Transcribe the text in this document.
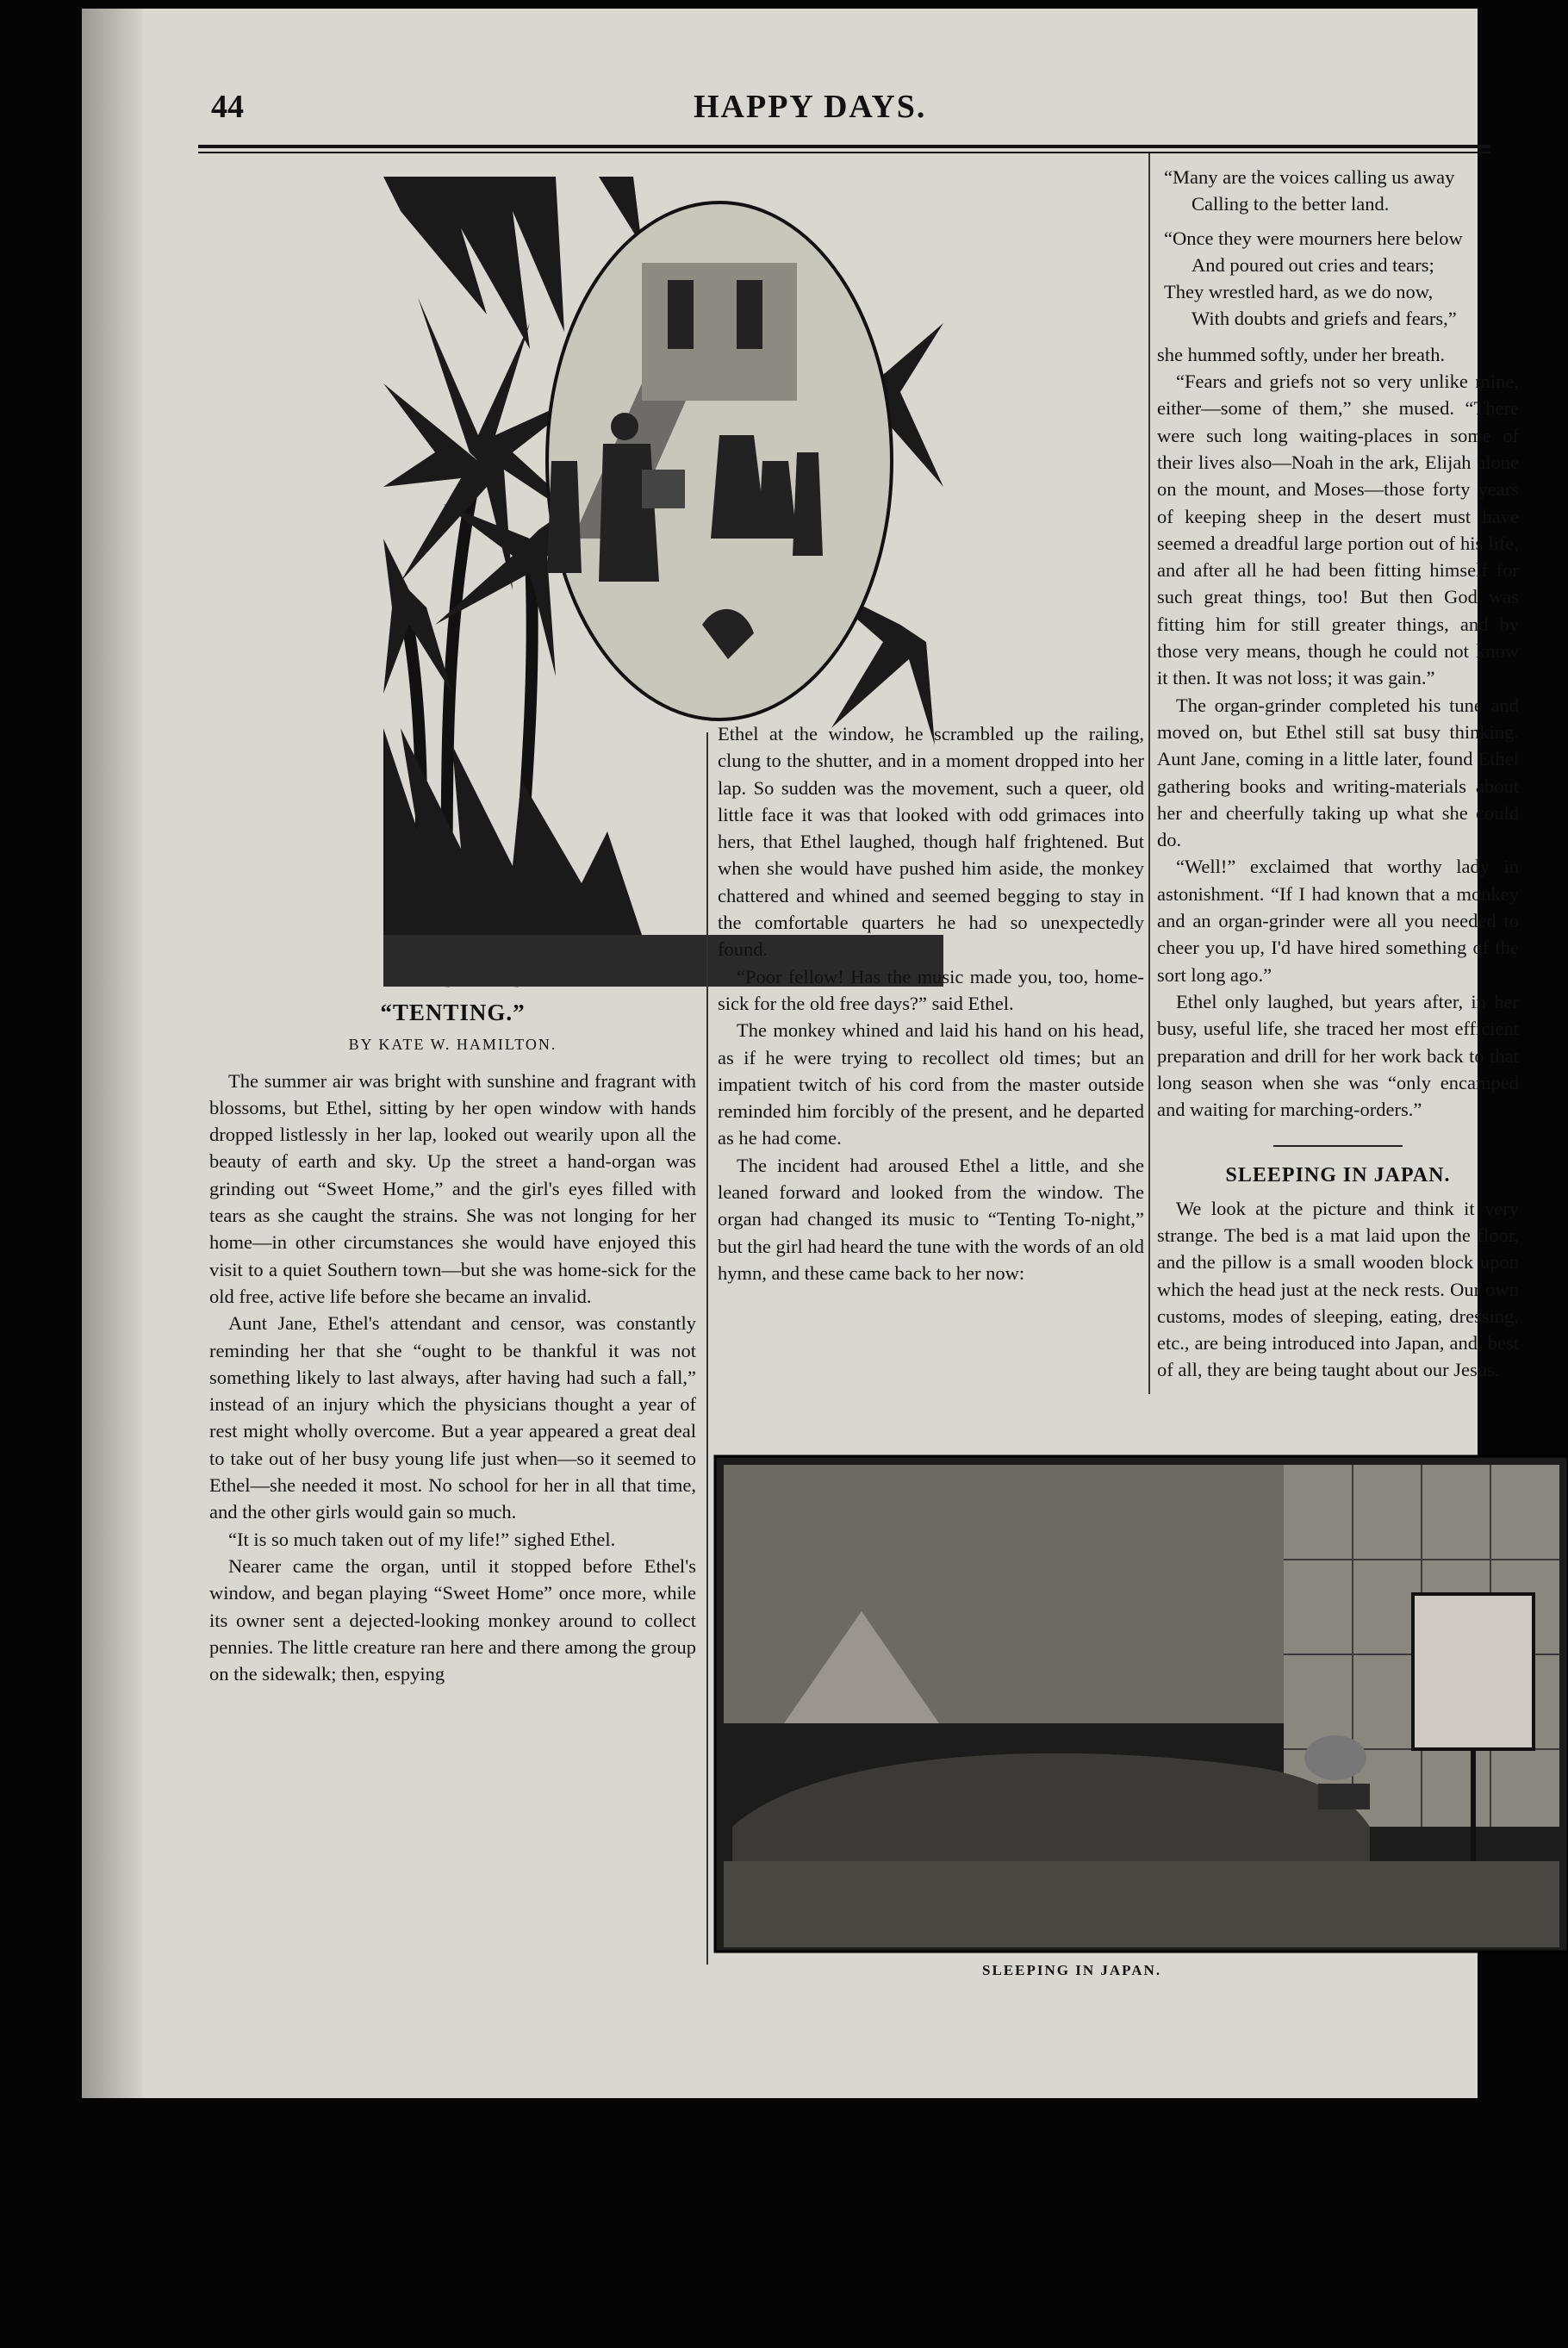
44	HAPPY DAYS.
“TENTING.”
BY KATE W. HAMILTON.

The summer air was bright with sunshine and fragrant with blossoms, but Ethel, sitting by her open window with hands dropped listlessly in her lap, looked out wearily upon all the beauty of earth and sky. Up the street a hand-organ was grinding out “Sweet Home,” and the girl's eyes filled with tears as she caught the strains. She was not longing for her home—in other circumstances she would have enjoyed this visit to a quiet Southern town—but she was home-sick for the old free, active life before she became an invalid.

Aunt Jane, Ethel's attendant and censor, was constantly reminding her that she “ought to be thankful it was not something likely to last always, after having had such a fall,” instead of an injury which the physicians thought a year of rest might wholly overcome. But a year appeared a great deal to take out of her busy young life just when—so it seemed to Ethel—she needed it most. No school for her in all that time, and the other girls would gain so much.

“It is so much taken out of my life!” sighed Ethel.

Nearer came the organ, until it stopped before Ethel's window, and began playing “Sweet Home” once more, while its owner sent a dejected-looking monkey around to collect pennies. The little creature ran here and there among the group on the sidewalk; then, espying

Ethel at the window, he scrambled up the railing, clung to the shutter, and in a moment dropped into her lap. So sudden was the movement, such a queer, old little face it was that looked with odd grimaces into hers, that Ethel laughed, though half frightened. But when she would have pushed him aside, the monkey chattered and whined and seemed begging to stay in the comfortable quarters he had so unexpectedly found.

“Poor fellow! Has the music made you, too, home-sick for the old free days?” said Ethel.

The monkey whined and laid his hand on his head, as if he were trying to recollect old times; but an impatient twitch of his cord from the master outside reminded him forcibly of the present, and he departed as he had come.

The incident had aroused Ethel a little, and she leaned forward and looked from the window. The organ had changed its music to “Tenting To-night,” but the girl had heard the tune with the words of an old hymn, and these came back to her now:

“Many are the voices calling us away

Calling to the better land.

“Once they were mourners here below

And poured out cries and tears;

They wrestled hard, as we do now,

With doubts and griefs and fears,”

she hummed softly, under her breath.

“Fears and griefs not so very unlike mine, either—some of them,” she mused. “There were such long waiting-places in some of their lives also—Noah in the ark, Elijah alone on the mount, and Moses—those forty years of keeping sheep in the desert must have seemed a dreadful large portion out of his life, and after all he had been fitting himself for such great things, too! But then God was fitting him for still greater things, and by those very means, though he could not know it then. It was not loss; it was gain.”

The organ-grinder completed his tune and moved on, but Ethel still sat busy thinking. Aunt Jane, coming in a little later, found Ethel gathering books and writing-materials about her and cheerfully taking up what she could do.

“Well!” exclaimed that worthy lady in astonishment. “If I had known that a monkey and an organ-grinder were all you needed to cheer you up, I'd have hired something of the sort long ago.”

Ethel only laughed, but years after, in her busy, useful life, she traced her most efficient preparation and drill for her work back to that long season when she was “only encamped and waiting for marching-orders.”

SLEEPING IN JAPAN.

We look at the picture and think it very strange. The bed is a mat laid upon the floor, and the pillow is a small wooden block upon which the head just at the neck rests. Our own customs, modes of sleeping, eating, dressing, etc., are being introduced into Japan, and, best of all, they are being taught about our Jesus.

SLEEPING IN JAPAN.
